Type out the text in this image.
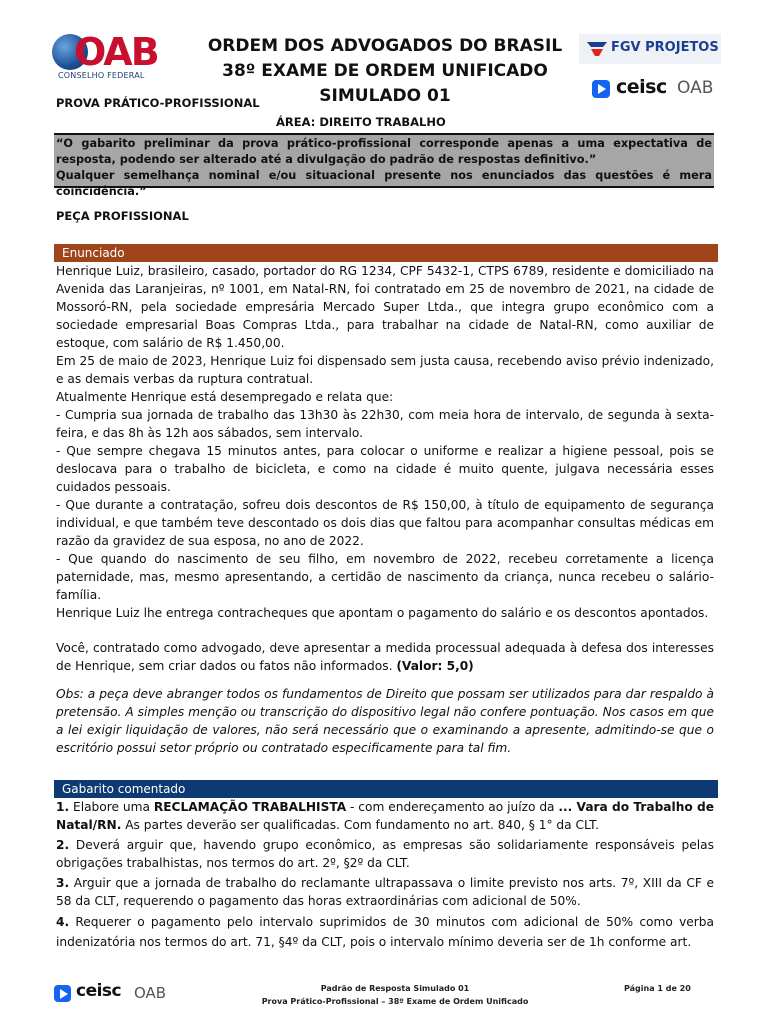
OAB
CONSELHO FEDERAL
ORDEM DOS ADVOGADOS DO BRASIL
38º EXAME DE ORDEM UNIFICADO
SIMULADO 01
FGV PROJETOS
ceisc OAB
PROVA PRÁTICO-PROFISSIONAL
ÁREA: DIREITO TRABALHO

“O gabarito preliminar da prova prático-profissional corresponde apenas a uma expectativa de resposta, podendo ser alterado até a divulgação do padrão de respostas definitivo.”

Qualquer semelhança nominal e/ou situacional presente nos enunciados das questões é mera coincidência.”

PEÇA PROFISSIONAL
Enunciado

Henrique Luiz, brasileiro, casado, portador do RG 1234, CPF 5432-1, CTPS 6789, residente e domiciliado na Avenida das Laranjeiras, nº 1001, em Natal-RN, foi contratado em 25 de novembro de 2021, na cidade de Mossoró-RN, pela sociedade empresária Mercado Super Ltda., que integra grupo econômico com a sociedade empresarial Boas Compras Ltda., para trabalhar na cidade de Natal-RN, como auxiliar de estoque, com salário de R$ 1.450,00.

Em 25 de maio de 2023, Henrique Luiz foi dispensado sem justa causa, recebendo aviso prévio indenizado, e as demais verbas da ruptura contratual.

Atualmente Henrique está desempregado e relata que:

- Cumpria sua jornada de trabalho das 13h30 às 22h30, com meia hora de intervalo, de segunda à sexta-feira, e das 8h às 12h aos sábados, sem intervalo.

- Que sempre chegava 15 minutos antes, para colocar o uniforme e realizar a higiene pessoal, pois se deslocava para o trabalho de bicicleta, e como na cidade é muito quente, julgava necessária esses cuidados pessoais.

- Que durante a contratação, sofreu dois descontos de R$ 150,00, à título de equipamento de segurança individual, e que também teve descontado os dois dias que faltou para acompanhar consultas médicas em razão da gravidez de sua esposa, no ano de 2022.

- Que quando do nascimento de seu filho, em novembro de 2022, recebeu corretamente a licença paternidade, mas, mesmo apresentando, a certidão de nascimento da criança, nunca recebeu o salário-família.

Henrique Luiz lhe entrega contracheques que apontam o pagamento do salário e os descontos apontados.

Você, contratado como advogado, deve apresentar a medida processual adequada à defesa dos interesses de Henrique, sem criar dados ou fatos não informados. (Valor: 5,0)

Obs: a peça deve abranger todos os fundamentos de Direito que possam ser utilizados para dar respaldo à pretensão. A simples menção ou transcrição do dispositivo legal não confere pontuação. Nos casos em que a lei exigir liquidação de valores, não será necessário que o examinando a apresente, admitindo-se que o escritório possui setor próprio ou contratado especificamente para tal fim.
Gabarito comentado

1. Elabore uma RECLAMAÇÃO TRABALHISTA - com endereçamento ao juízo da ... Vara do Trabalho de Natal/RN. As partes deverão ser qualificadas. Com fundamento no art. 840, § 1° da CLT.

2. Deverá arguir que, havendo grupo econômico, as empresas são solidariamente responsáveis pelas obrigações trabalhistas, nos termos do art. 2º, §2º da CLT.

3. Arguir que a jornada de trabalho do reclamante ultrapassava o limite previsto nos arts. 7º, XIII da CF e 58 da CLT, requerendo o pagamento das horas extraordinárias com adicional de 50%.

4. Requerer o pagamento pelo intervalo suprimidos de 30 minutos com adicional de 50% como verba indenizatória nos termos do art. 71, §4º da CLT, pois o intervalo mínimo deveria ser de 1h conforme art.

ceisc OAB	Padrão de Resposta Simulado 01
Prova Prático-Profissional – 38º Exame de Ordem Unificado
Página 1 de 20
